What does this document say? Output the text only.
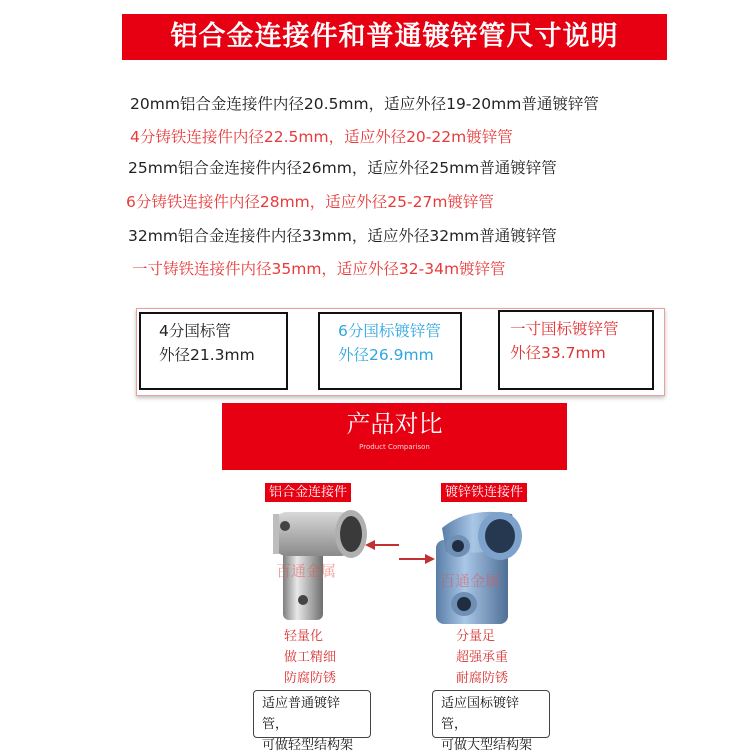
铝合金连接件和普通镀锌管尺寸说明
20mm铝合金连接件内径20.5mm，适应外径19-20mm普通镀锌管
4分铸铁连接件内径22.5mm，适应外径20-22m镀锌管
25mm铝合金连接件内径26mm，适应外径25mm普通镀锌管
6分铸铁连接件内径28mm，适应外径25-27m镀锌管
32mm铝合金连接件内径33mm，适应外径32mm普通镀锌管
一寸铸铁连接件内径35mm，适应外径32-34m镀锌管
4分国标管
外径21.3mm
6分国标镀锌管
外径26.9mm
一寸国标镀锌管
外径33.7mm
产品对比
Product Comparison
铝合金连接件	镀锌铁连接件
百通金属
百通金属
轻量化
做工精细
防腐防锈
分量足
超强承重
耐腐防锈
适应普通镀锌管，
可做轻型结构架
适应国标镀锌管，
可做大型结构架
